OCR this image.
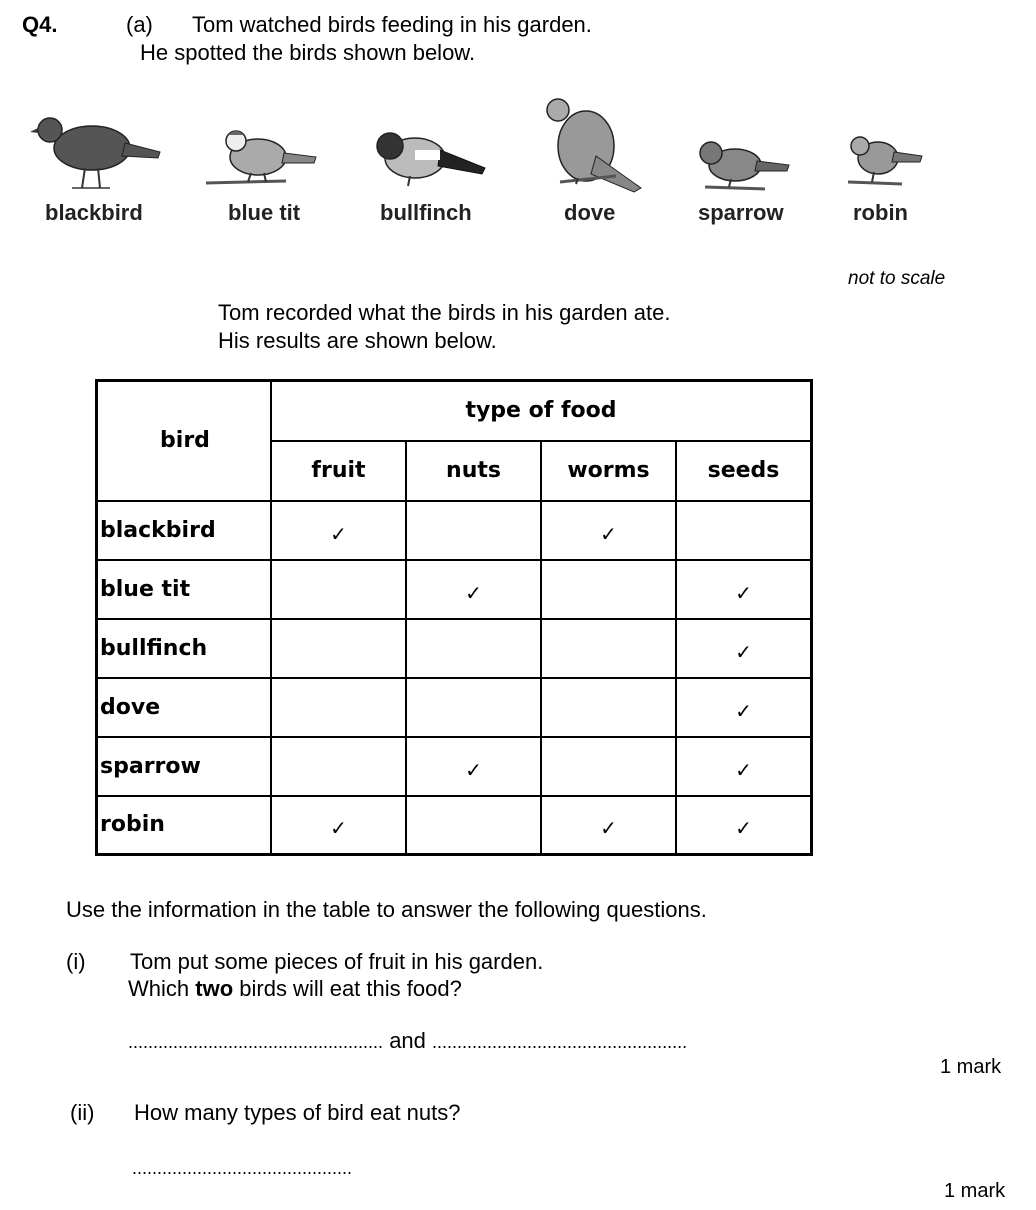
Q4.	(a) Tom watched birds feeding in his garden.
He spotted the birds shown below.
blackbird	blue tit	bullfinch	dove	sparrow	robin
not to scale
Tom recorded what the birds in his garden ate.
His results are shown below.
bird	type of food			
	fruit	nuts	worms	seeds
blackbird	✓		✓	
blue tit		✓		✓
bullfinch				✓
dove				✓
sparrow		✓		✓
robin	✓		✓	✓
Use the information in the table to answer the following questions.
(i) Tom put some pieces of fruit in his garden.
Which two birds will eat this food?
................................................... and ...................................................
1 mark
(ii) How many types of bird eat nuts?
............................................
1 mark
